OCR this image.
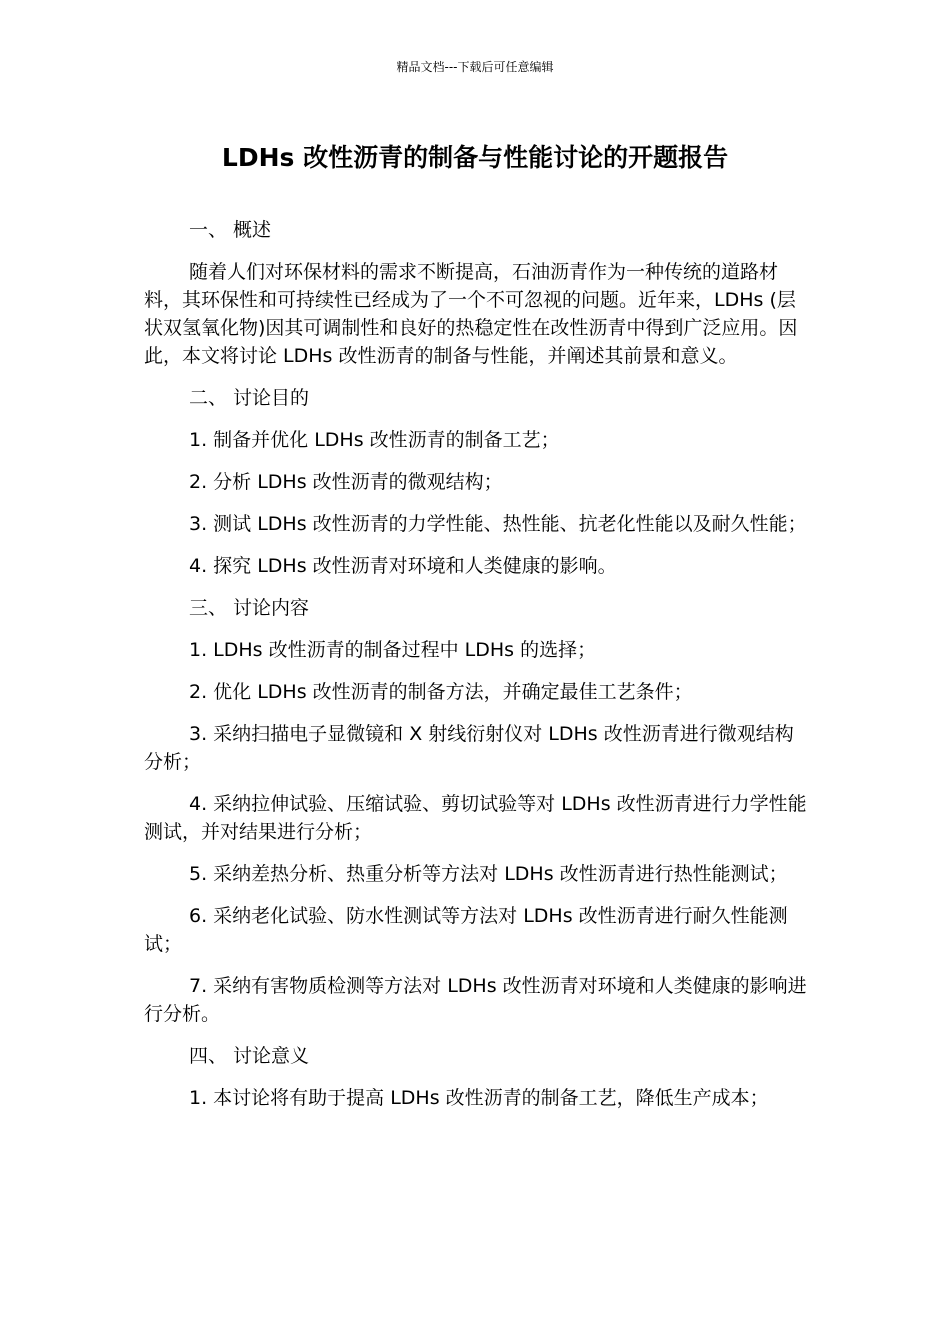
精品文档---下载后可任意编辑
LDHs 改性沥青的制备与性能讨论的开题报告
一、 概述
随着人们对环保材料的需求不断提高，石油沥青作为一种传统的道路材料，其环保性和可持续性已经成为了一个不可忽视的问题。近年来，LDHs (层状双氢氧化物)因其可调制性和良好的热稳定性在改性沥青中得到广泛应用。因此，本文将讨论 LDHs 改性沥青的制备与性能，并阐述其前景和意义。
二、 讨论目的
1. 制备并优化 LDHs 改性沥青的制备工艺；
2. 分析 LDHs 改性沥青的微观结构；
3. 测试 LDHs 改性沥青的力学性能、热性能、抗老化性能以及耐久性能；
4. 探究 LDHs 改性沥青对环境和人类健康的影响。
三、 讨论内容
1. LDHs 改性沥青的制备过程中 LDHs 的选择；
2. 优化 LDHs 改性沥青的制备方法，并确定最佳工艺条件；
3. 采纳扫描电子显微镜和 X 射线衍射仪对 LDHs 改性沥青进行微观结构分析；
4. 采纳拉伸试验、压缩试验、剪切试验等对 LDHs 改性沥青进行力学性能测试，并对结果进行分析；
5. 采纳差热分析、热重分析等方法对 LDHs 改性沥青进行热性能测试；
6. 采纳老化试验、防水性测试等方法对 LDHs 改性沥青进行耐久性能测试；
7. 采纳有害物质检测等方法对 LDHs 改性沥青对环境和人类健康的影响进行分析。
四、 讨论意义
1. 本讨论将有助于提高 LDHs 改性沥青的制备工艺，降低生产成本；
